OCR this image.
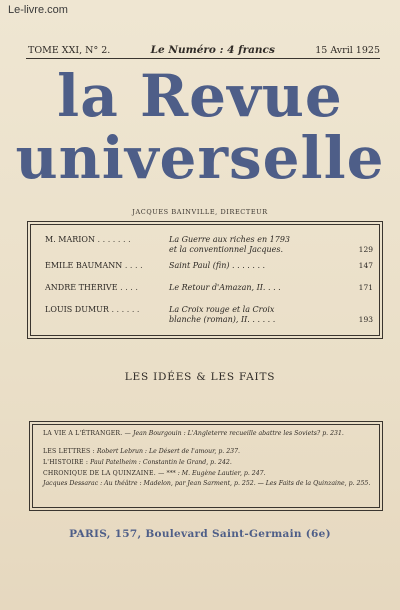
Le-livre.com
TOME XXI, N° 2.	Le Numéro : 4 francs	15 Avril 1925
la Revue
universelle
JACQUES BAINVILLE, DIRECTEUR
M. MARION . . . . . . .	La Guerre aux riches en 1793
et la conventionnel Jacques.	129
ÉMILE BAUMANN . . . .	Saint Paul (fin) . . . . . . .	147
ANDRÉ THÉRIVE . . . .	Le Retour d'Amazan, II. . . .	171
LOUIS DUMUR . . . . . .	La Croix rouge et la Croix
blanche (roman), II. . . . . .	193
LES IDÉES & LES FAITS
LA VIE A L'ÉTRANGER. — Jean Bourgouin : L'Angleterre recueille abattre les Soviets? p. 231.
LES LETTRES : Robert Lebrun : Le Désert de l'amour, p. 237.
L'HISTOIRE : Paul Patelheim : Constantin le Grand, p. 242.
CHRONIQUE DE LA QUINZAINE. — *** : M. Eugène Lautier, p. 247.
Jacques Dessarac : Au théâtre : Madelon, par Jean Sarment, p. 252. — Les Faits de la Quinzaine, p. 255.
PARIS, 157, Boulevard Saint-Germain (6e)
